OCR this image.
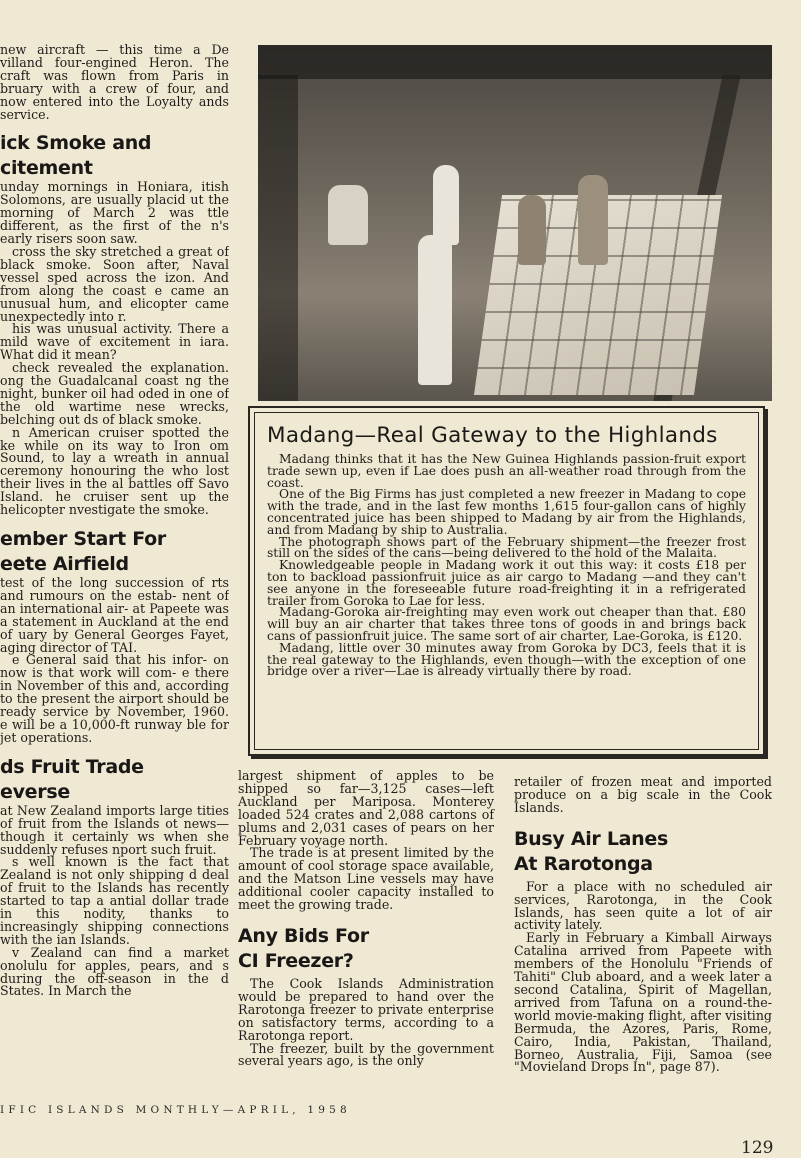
new aircraft — this time a De villand four-engined Heron. The craft was flown from Paris in bruary with a crew of four, and now entered into the Loyalty ands service.

ick Smoke and
citement

unday mornings in Honiara, itish Solomons, are usually placid ut the morning of March 2 was ttle different, as the first of the n's early risers soon saw.

cross the sky stretched a great of black smoke. Soon after, Naval vessel sped across the izon. And from along the coast e came an unusual hum, and elicopter came unexpectedly into r.

his was unusual activity. There a mild wave of excitement in iara. What did it mean?

check revealed the explanation. ong the Guadalcanal coast ng the night, bunker oil had oded in one of the old wartime nese wrecks, belching out ds of black smoke.

n American cruiser spotted the ke while on its way to Iron om Sound, to lay a wreath in annual ceremony honouring the who lost their lives in the al battles off Savo Island. he cruiser sent up the helicopter nvestigate the smoke.

ember Start For
eete Airfield

test of the long succession of rts and rumours on the estab- nent of an international air- at Papeete was a statement in Auckland at the end of uary by General Georges Fayet, aging director of TAI.

e General said that his infor- on now is that work will com- e there in November of this and, according to the present the airport should be ready service by November, 1960. e will be a 10,000-ft runway ble for jet operations.

ds Fruit Trade
everse

at New Zealand imports large tities of fruit from the Islands ot news—though it certainly ws when she suddenly refuses nport such fruit.

s well known is the fact that Zealand is not only shipping d deal of fruit to the Islands has recently started to tap a antial dollar trade in this nodity, thanks to increasingly shipping connections with the ian Islands.

v Zealand can find a market onolulu for apples, pears, and s during the off-season in the d States. In March the

Madang—Real Gateway to the Highlands

Madang thinks that it has the New Guinea Highlands passion-fruit export trade sewn up, even if Lae does push an all-weather road through from the coast.

One of the Big Firms has just completed a new freezer in Madang to cope with the trade, and in the last few months 1,615 four-gallon cans of highly concentrated juice has been shipped to Madang by air from the Highlands, and from Madang by ship to Australia.

The photograph shows part of the February shipment—the freezer frost still on the sides of the cans—being delivered to the hold of the Malaita.

Knowledgeable people in Madang work it out this way: it costs £18 per ton to backload passionfruit juice as air cargo to Madang —and they can't see anyone in the foreseeable future road-freighting it in a refrigerated trailer from Goroka to Lae for less.

Madang-Goroka air-freighting may even work out cheaper than that. £80 will buy an air charter that takes three tons of goods in and brings back cans of passionfruit juice. The same sort of air charter, Lae-Goroka, is £120.

Madang, little over 30 minutes away from Goroka by DC3, feels that it is the real gateway to the Highlands, even though—with the exception of one bridge over a river—Lae is already virtually there by road.

largest shipment of apples to be shipped so far—3,125 cases—left Auckland per Mariposa. Monterey loaded 524 crates and 2,088 cartons of plums and 2,031 cases of pears on her February voyage north.

The trade is at present limited by the amount of cool storage space available, and the Matson Line vessels may have additional cooler capacity installed to meet the growing trade.

Any Bids For
CI Freezer?

The Cook Islands Administration would be prepared to hand over the Rarotonga freezer to private enterprise on satisfactory terms, according to a Rarotonga report.

The freezer, built by the government several years ago, is the only

retailer of frozen meat and imported produce on a big scale in the Cook Islands.

Busy Air Lanes
At Rarotonga

For a place with no scheduled air services, Rarotonga, in the Cook Islands, has seen quite a lot of air activity lately.

Early in February a Kimball Airways Catalina arrived from Papeete with members of the Honolulu "Friends of Tahiti" Club aboard, and a week later a second Catalina, Spirit of Magellan, arrived from Tafuna on a round-the-world movie-making flight, after visiting Bermuda, the Azores, Paris, Rome, Cairo, India, Pakistan, Thailand, Borneo, Australia, Fiji, Samoa (see "Movieland Drops In", page 87).

IFIC ISLANDS MONTHLY—APRIL, 1958
129
